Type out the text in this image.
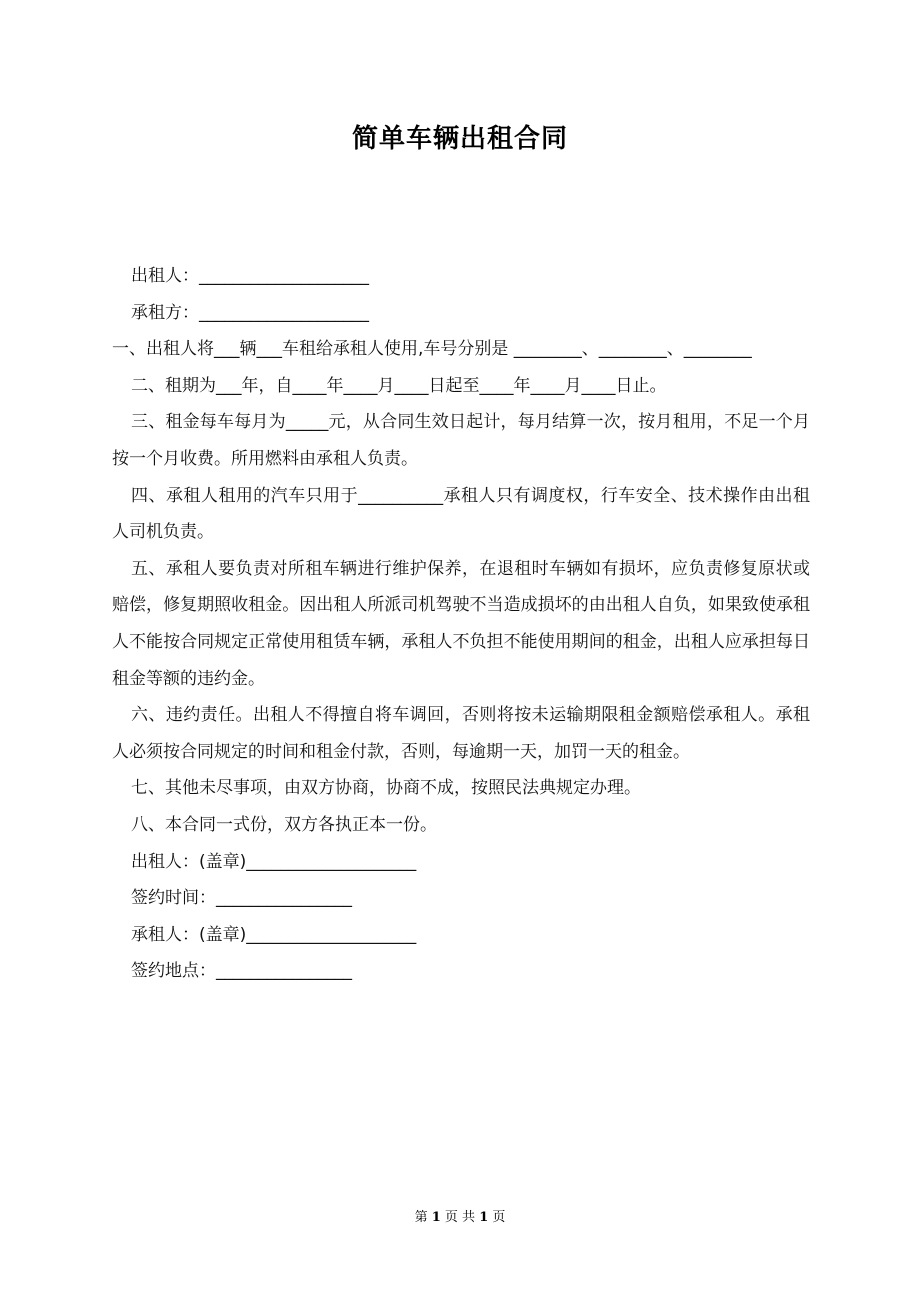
简单车辆出租合同

出租人：____________________

承租方：____________________

一、出租人将___辆___车租给承租人使用,车号分别是 ________、________、________

二、租期为___年，自____年____月____日起至____年____月____日止。

三、租金每车每月为_____元，从合同生效日起计，每月结算一次，按月租用，不足一个月按一个月收费。所用燃料由承租人负责。

四、承租人租用的汽车只用于__________承租人只有调度权，行车安全、技术操作由出租人司机负责。

五、承租人要负责对所租车辆进行维护保养，在退租时车辆如有损坏，应负责修复原状或赔偿，修复期照收租金。因出租人所派司机驾驶不当造成损坏的由出租人自负，如果致使承租人不能按合同规定正常使用租赁车辆，承租人不负担不能使用期间的租金，出租人应承担每日租金等额的违约金。

六、违约责任。出租人不得擅自将车调回，否则将按未运输期限租金额赔偿承租人。承租人必须按合同规定的时间和租金付款，否则，每逾期一天，加罚一天的租金。

七、其他未尽事项，由双方协商，协商不成，按照民法典规定办理。

八、本合同一式份，双方各执正本一份。

出租人：(盖章)____________________

签约时间：________________

承租人：(盖章)____________________

签约地点：________________

第 1 页 共 1 页
